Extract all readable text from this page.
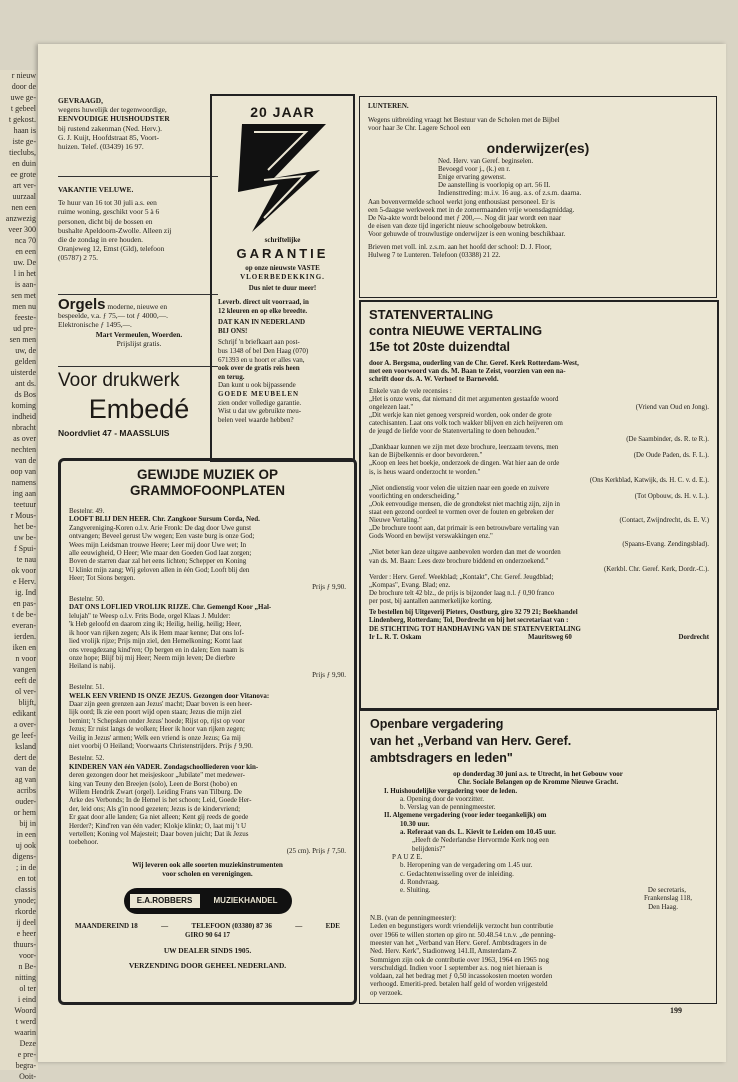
r nieuw
door de
uwe ge-
t gebeel
t gekost.
haan is
iste ge-
tieclubs,
en duin
ee grote
art ver-
uurzaal
nen een
anzwezig
veer 300
nca 70
en een
uw. De
l in het
is aan-
sen met
men nu
feeste-
ud pre-
sen men
uw, de
gelden
uisterde
ant ds.
ds Bos
koming
indheid
nbracht
as over
nechten
van de
oop van
namens
ing aan
teetuur
r Mous-
het be-
uw be-
f Spui-
te nau
ok voor
e Herv.
ig. Ind
en pas-
t de be-
everan-
ierden.
iken en
n voor
vangen
eeft de
ol ver-
blijft,
edikant
a over-
ge leef-
ksland
dert de
van de
ag van
acribs
ouder-
or hem
bij in
in een
uj ook
digens-
; in de
en tot
classis
ynode;
rkorde
ij deel
e heer
thuurs-
voor-
n Be-
nitting
ol ter
i eind
Woord
t werd
waarin
Deze
e pre-
begra-
Ooit-
GEVRAAGD,
wegens huwelijk der tegenwoordige,
EENVOUDIGE HUISHOUDSTER
bij rustend zakenman (Ned. Herv.).
G. J. Kuijt, Hoofdstraat 85, Voort-
huizen. Telef. (03439) 16 97.
VAKANTIE VELUWE.
Te huur van 16 tot 30 juli a.s. een
ruime woning, geschikt voor 5 à 6
personen, dicht bij de bossen en
bushalte Apeldoorn-Zwolle. Alleen zij
die de zondag in ere houden.
Oranjeweg 12, Emst (Gld), telefoon
(05787) 2 75.
Orgels moderne, nieuwe en
bespeelde, v.a. ƒ 75,— tot ƒ 4000,—.
Elektronische ƒ 1495,—.
Mart Vermeulen, Woerden.
Prijslijst gratis.
Voor drukwerk
Embedé
Noordvliet 47 - MAASSLUIS
20 JAAR
schriftelijke
GARANTIE
op onze nieuwste VASTE
VLOERBEDEKKING.
Dus niet te duur meer!
Leverb. direct uit voorraad, in
12 kleuren en op elke breedte.
DAT KAN IN NEDERLAND
BIJ ONS!
Schrijf 'n briefkaart aan post-
bus 1348 of bel Den Haag (070)
671393 en u hoort er alles van,
ook over de gratis reis heen
en terug.
Dan kunt u ook bijpassende
GOEDE MEUBELEN
zien onder volledige garantie.
Wist u dat uw gebruikte meu-
belen veel waarde hebben?
GEWIJDE MUZIEK OP
GRAMMOFOONPLATEN
Bestelnr. 49.
LOOFT BLIJ DEN HEER. Chr. Zangkoor Sursum Corda, Ned.
Zangvereniging-Koren o.l.v. Arie Fronk: De dag door Uwe gunst
ontvangen; Beveel gerust Uw wegen; Een vaste burg is onze God;
Wees mijn Leidsman trouwe Heere; Leer mij door Uwe wet; In
alle eeuwigheid, O Heer; Wie maar den Goeden God laat zorgen;
Boven de starren daar zal het eens lichten; Schepper en Koning
U klinkt mijn zang; Wij geloven allen in één God; Looft blij den
Heer; Tot Sions bergen.
Prijs ƒ 9,90.
Bestelnr. 50.
DAT ONS LOFLIED VROLIJK RIJZE. Chr. Gemengd Koor „Hal-
lelujah" te Weesp o.l.v. Frits Bode, orgel Klaas J. Mulder:
'k Heb geloofd en daarom zing ik; Heilig, heilig, heilig; Heer,
ik hoor van rijken zegen; Als ik Hem maar kenne; Dat ons lof-
lied vrolijk rijze; Prijs mijn ziel, den Hemelkoning; Komt laat
ons vreugdezang kind'ren; Op bergen en in dalen; Een naam is
onze hope; Blijf bij mij Heer; Neem mijn leven; De dierbre
Heiland is nabij.
Prijs ƒ 9,90.
Bestelnr. 51.
WELK EEN VRIEND IS ONZE JEZUS. Gezongen door Vitanova:
Daar zijn geen grenzen aan Jezus' macht; Daar boven is een heer-
lijk oord; Ik zie een poort wijd open staan; Jezus die mijn ziel
bemint; 't Schepsken onder Jezus' hoede; Rijst op, rijst op voor
Jezus; Er ruist langs de wolken; Heer ik hoor van rijken zegen;
Veilig in Jezus' armen; Welk een vriend is onze Jezus; Ga mij
niet voorbij O Heiland; Voorwaarts Christenstrijders. Prijs ƒ 9,90.
Bestelnr. 52.
KINDEREN VAN één VADER. Zondagschoolliederen voor kin-
deren gezongen door het meisjeskoor „Jubilate" met medewer-
king van Teuny den Breejen (solo), Leen de Borst (hobo) en
Willem Hendrik Zwart (orgel). Leiding Frans van Tilburg. De
Arke des Verbonds; In de Hemel is het schoon; Leid, Goede Her-
der, leid ons; Als g'in nood gezeten; Jezus is de kindervriend;
Er gaat door alle landen; Ga niet alleen; Kent gij reeds de goede
Herder?; Kind'ren van één vader; Klokje klinkt; O, laat mij 't U
vertellen; Koning vol Majesteit; Daar boven juicht; Dat ik Jezus
toebehoor.
(25 cm). Prijs ƒ 7,50.
Wij leveren ook alle soorten muziekinstrumenten
voor scholen en verenigingen.
E.A.ROBBERS	MUZIEKHANDEL
MAANDEREIND 18	—	TELEFOON (03380) 87 36	—	EDE
GIRO 90 64 17
UW DEALER SINDS 1905.
VERZENDING DOOR GEHEEL NEDERLAND.
LUNTEREN.
Wegens uitbreiding vraagt het Bestuur van de Scholen met de Bijbel
voor haar 3e Chr. Lagere School een
onderwijzer(es)
Ned. Herv. van Geref. beginselen.
Bevoegd voor j., (k.) en r.
Enige ervaring gewenst.
De aanstelling is voorlopig op art. 56 II.
Indiensttreding: m.i.v. 16 aug. a.s. of z.s.m. daarna.
Aan bovenvermelde school werkt jong enthousiast personeel. Er is
een 5-daagse werkweek met in de zomermaanden vrije woensdagmiddag.
De Na-akte wordt beloond met ƒ 200,—. Nog dit jaar wordt een naar
de eisen van deze tijd ingericht nieuw schoolgebouw betrokken.
Voor gehuwde of trouwlustige onderwijzer is een woning beschikbaar.
Brieven met voll. inl. z.s.m. aan het hoofd der school: D. J. Floor,
Hulweg 7 te Lunteren. Telefoon (03388) 21 22.
STATENVERTALING
contra NIEUWE VERTALING
15e tot 20ste duizendtal
door A. Bergsma, ouderling van de Chr. Geref. Kerk Rotterdam-West,
met een voorwoord van ds. M. Baan te Zeist, voorzien van een na-
schrift door ds. A. W. Verhoef te Barneveld.
Enkele van de vele recensies :
„Het is onze wens, dat niemand dit met argumenten gestaafde woord
ongelezen laat."	(Vriend van Oud en Jong).
„Dit werkje kan niet genoeg verspreid worden, ook onder de grote
catechisanten. Laat ons volk toch wakker blijven en zich heijveren om
de jeugd de liefde voor de Statenvertaling te doen behouden."
(De Saambinder, ds. R. te R.).
„Dankbaar kunnen we zijn met deze brochure, leerzaam tevens, men
kan de Bijbelkennis er door bevorderen."	(De Oude Paden, ds. F. L.).
„Koop en lees het boekje, onderzoek de dingen. Wat hier aan de orde
is, is heus waard onderzocht te worden."
(Ons Kerkblad, Katwijk, ds. H. C. v. d. E.).
„Niet ondienstig voor velen die uitzien naar een goede en zuivere
voorlichting en onderscheiding."	(Tot Opbouw, ds. H. v. L.).
„Ook eenvoudige mensen, die de grondtekst niet machtig zijn, zijn in
staat een gezond oordeel te vormen over de fouten en gebreken der
Nieuwe Vertaling."	(Contact, Zwijndrecht, ds. E. V.)
„De brochure toont aan, dat primair is een betrouwbare vertaling van
Gods Woord en bewijst verswakkingen enz."
(Spaans-Evang. Zendingsblad).
„Niet beter kan deze uitgave aanbevolen worden dan met de woorden
van ds. M. Baan: Lees deze brochure biddend en onderzoekend."
(Kerkbl. Chr. Geref. Kerk, Dordr.-C.).
Verder : Herv. Geref. Weekblad; „Kontakt", Chr. Geref. Jeugdblad;
„Kompas", Evang. Blad; enz.
De brochure telt 42 blz., de prijs is bijzonder laag n.l. ƒ 0,90 franco
per post, bij aantallen aanmerkelijke korting.
Te bestellen bij Uitgeverij Pieters, Oostburg, giro 32 79 21; Boekhandel
Lindenberg, Rotterdam; Tol, Dordrecht en bij het secretariaat van :
DE STICHTING TOT HANDHAVING VAN DE STATENVERTALING
Ir L. R. T. Oskam	Mauritsweg 60	Dordrecht
Openbare vergadering
van het „Verband van Herv. Geref.
ambtsdragers en leden"
op donderdag 30 juni a.s. te Utrecht, in het Gebouw voor
Chr. Sociale Belangen op de Kromme Nieuwe Gracht.
I. Huishoudelijke vergadering voor de leden.
a. Opening door de voorzitter.
b. Verslag van de penningmeester.
II. Algemene vergadering (voor ieder toegankelijk) om
10.30 uur.
a. Referaat van ds. L. Kievit te Leiden om 10.45 uur.
„Heeft de Nederlandse Hervormde Kerk nog een
belijdenis?"
P A U Z E.
b. Heropening van de vergadering om 1.45 uur.
c. Gedachtenwisseling over de inleiding.
d. Rondvraag.
e. Sluiting.	De secretaris,
Frankenslag 118,
Den Haag.
N.B. (van de penningmeester):
Leden en begunstigers wordt vriendelijk verzocht hun contributie
over 1966 te willen storten op giro nr. 50.48.54 t.n.v. „de penning-
meester van het „Verband van Herv. Geref. Ambtsdragers in de
Ned. Herv. Kerk", Stadionweg 141.II, Amsterdam-Z
Sommigen zijn ook de contributie over 1963, 1964 en 1965 nog
verschuldigd. Indien voor 1 september a.s. nog niet hieraan is
voldaan, zal het bedrag met ƒ 0,50 incassokosten moeten worden
verhoogd. Emeriti-pred. betalen half geld of worden vrijgesteld
op verzoek.
199
